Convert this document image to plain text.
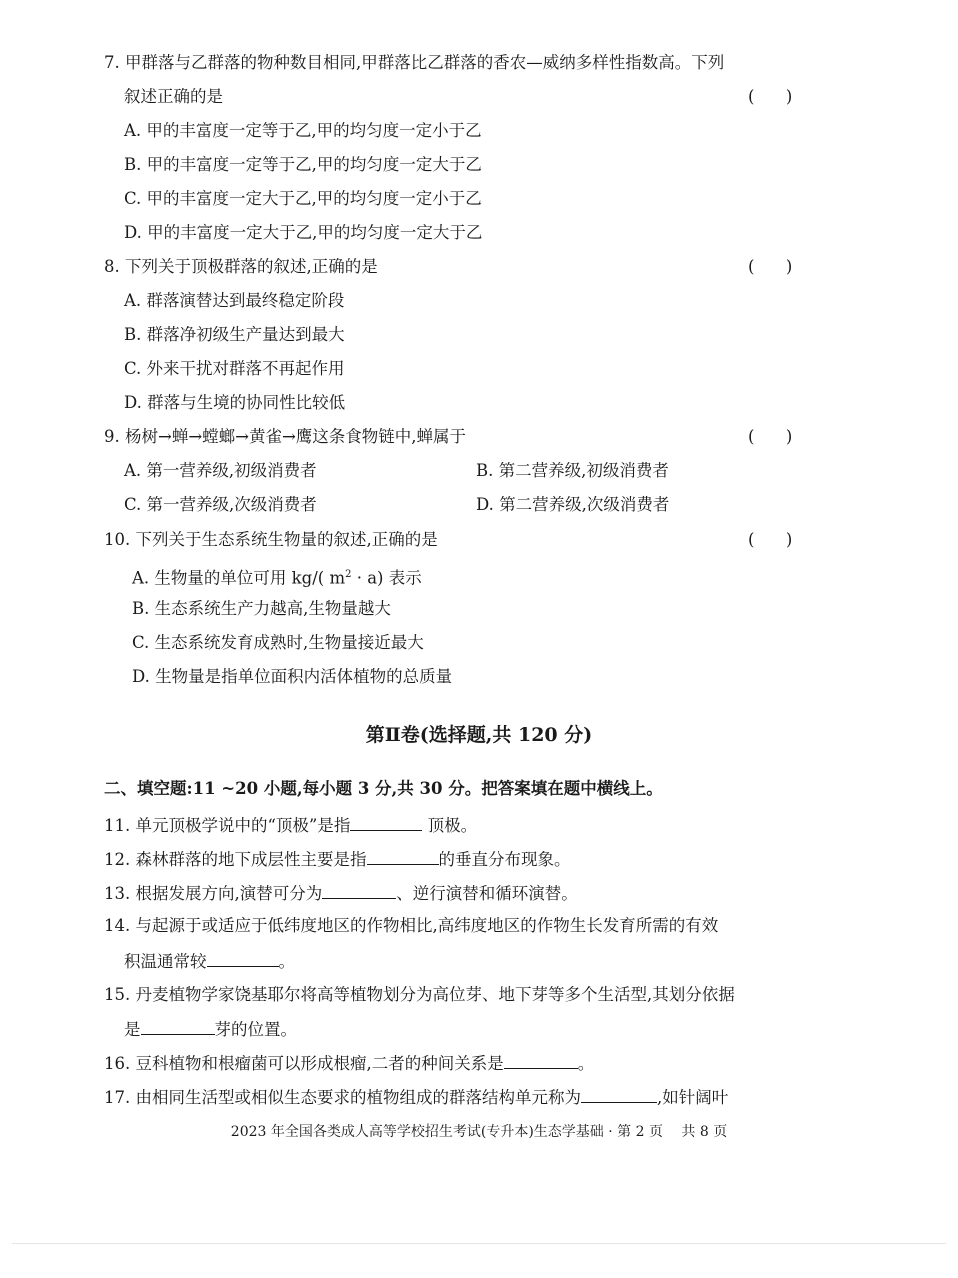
7. 甲群落与乙群落的物种数目相同,甲群落比乙群落的香农—威纳多样性指数高。下列
叙述正确的是	(      )
A. 甲的丰富度一定等于乙,甲的均匀度一定小于乙
B. 甲的丰富度一定等于乙,甲的均匀度一定大于乙
C. 甲的丰富度一定大于乙,甲的均匀度一定小于乙
D. 甲的丰富度一定大于乙,甲的均匀度一定大于乙
8. 下列关于顶极群落的叙述,正确的是	(      )
A. 群落演替达到最终稳定阶段
B. 群落净初级生产量达到最大
C. 外来干扰对群落不再起作用
D. 群落与生境的协同性比较低
9. 杨树→蝉→螳螂→黄雀→鹰这条食物链中,蝉属于	(      )
A. 第一营养级,初级消费者	B. 第二营养级,初级消费者
C. 第一营养级,次级消费者	D. 第二营养级,次级消费者
10. 下列关于生态系统生物量的叙述,正确的是	(      )
A. 生物量的单位可用 kg/( $m^2 \cdot a$) 表示
B. 生态系统生产力越高,生物量越大
C. 生态系统发育成熟时,生物量接近最大
D. 生物量是指单位面积内活体植物的总质量
第Ⅱ卷(选择题,共 120 分)
二、填空题:11 ~20 小题,每小题 3 分,共 30 分。把答案填在题中横线上。
11. 单元顶极学说中的“顶极”是指	顶极。
12. 森林群落的地下成层性主要是指	的垂直分布现象。
13. 根据发展方向,演替可分为	、逆行演替和循环演替。
14. 与起源于或适应于低纬度地区的作物相比,高纬度地区的作物生长发育所需的有效
积温通常较	。
15. 丹麦植物学家饶基耶尔将高等植物划分为高位芽、地下芽等多个生活型,其划分依据
是	芽的位置。
16. 豆科植物和根瘤菌可以形成根瘤,二者的种间关系是	。
17. 由相同生活型或相似生态要求的植物组成的群落结构单元称为	,如针阔叶
2023 年全国各类成人高等学校招生考试(专升本)生态学基础 · 第 2 页　 共 8 页
